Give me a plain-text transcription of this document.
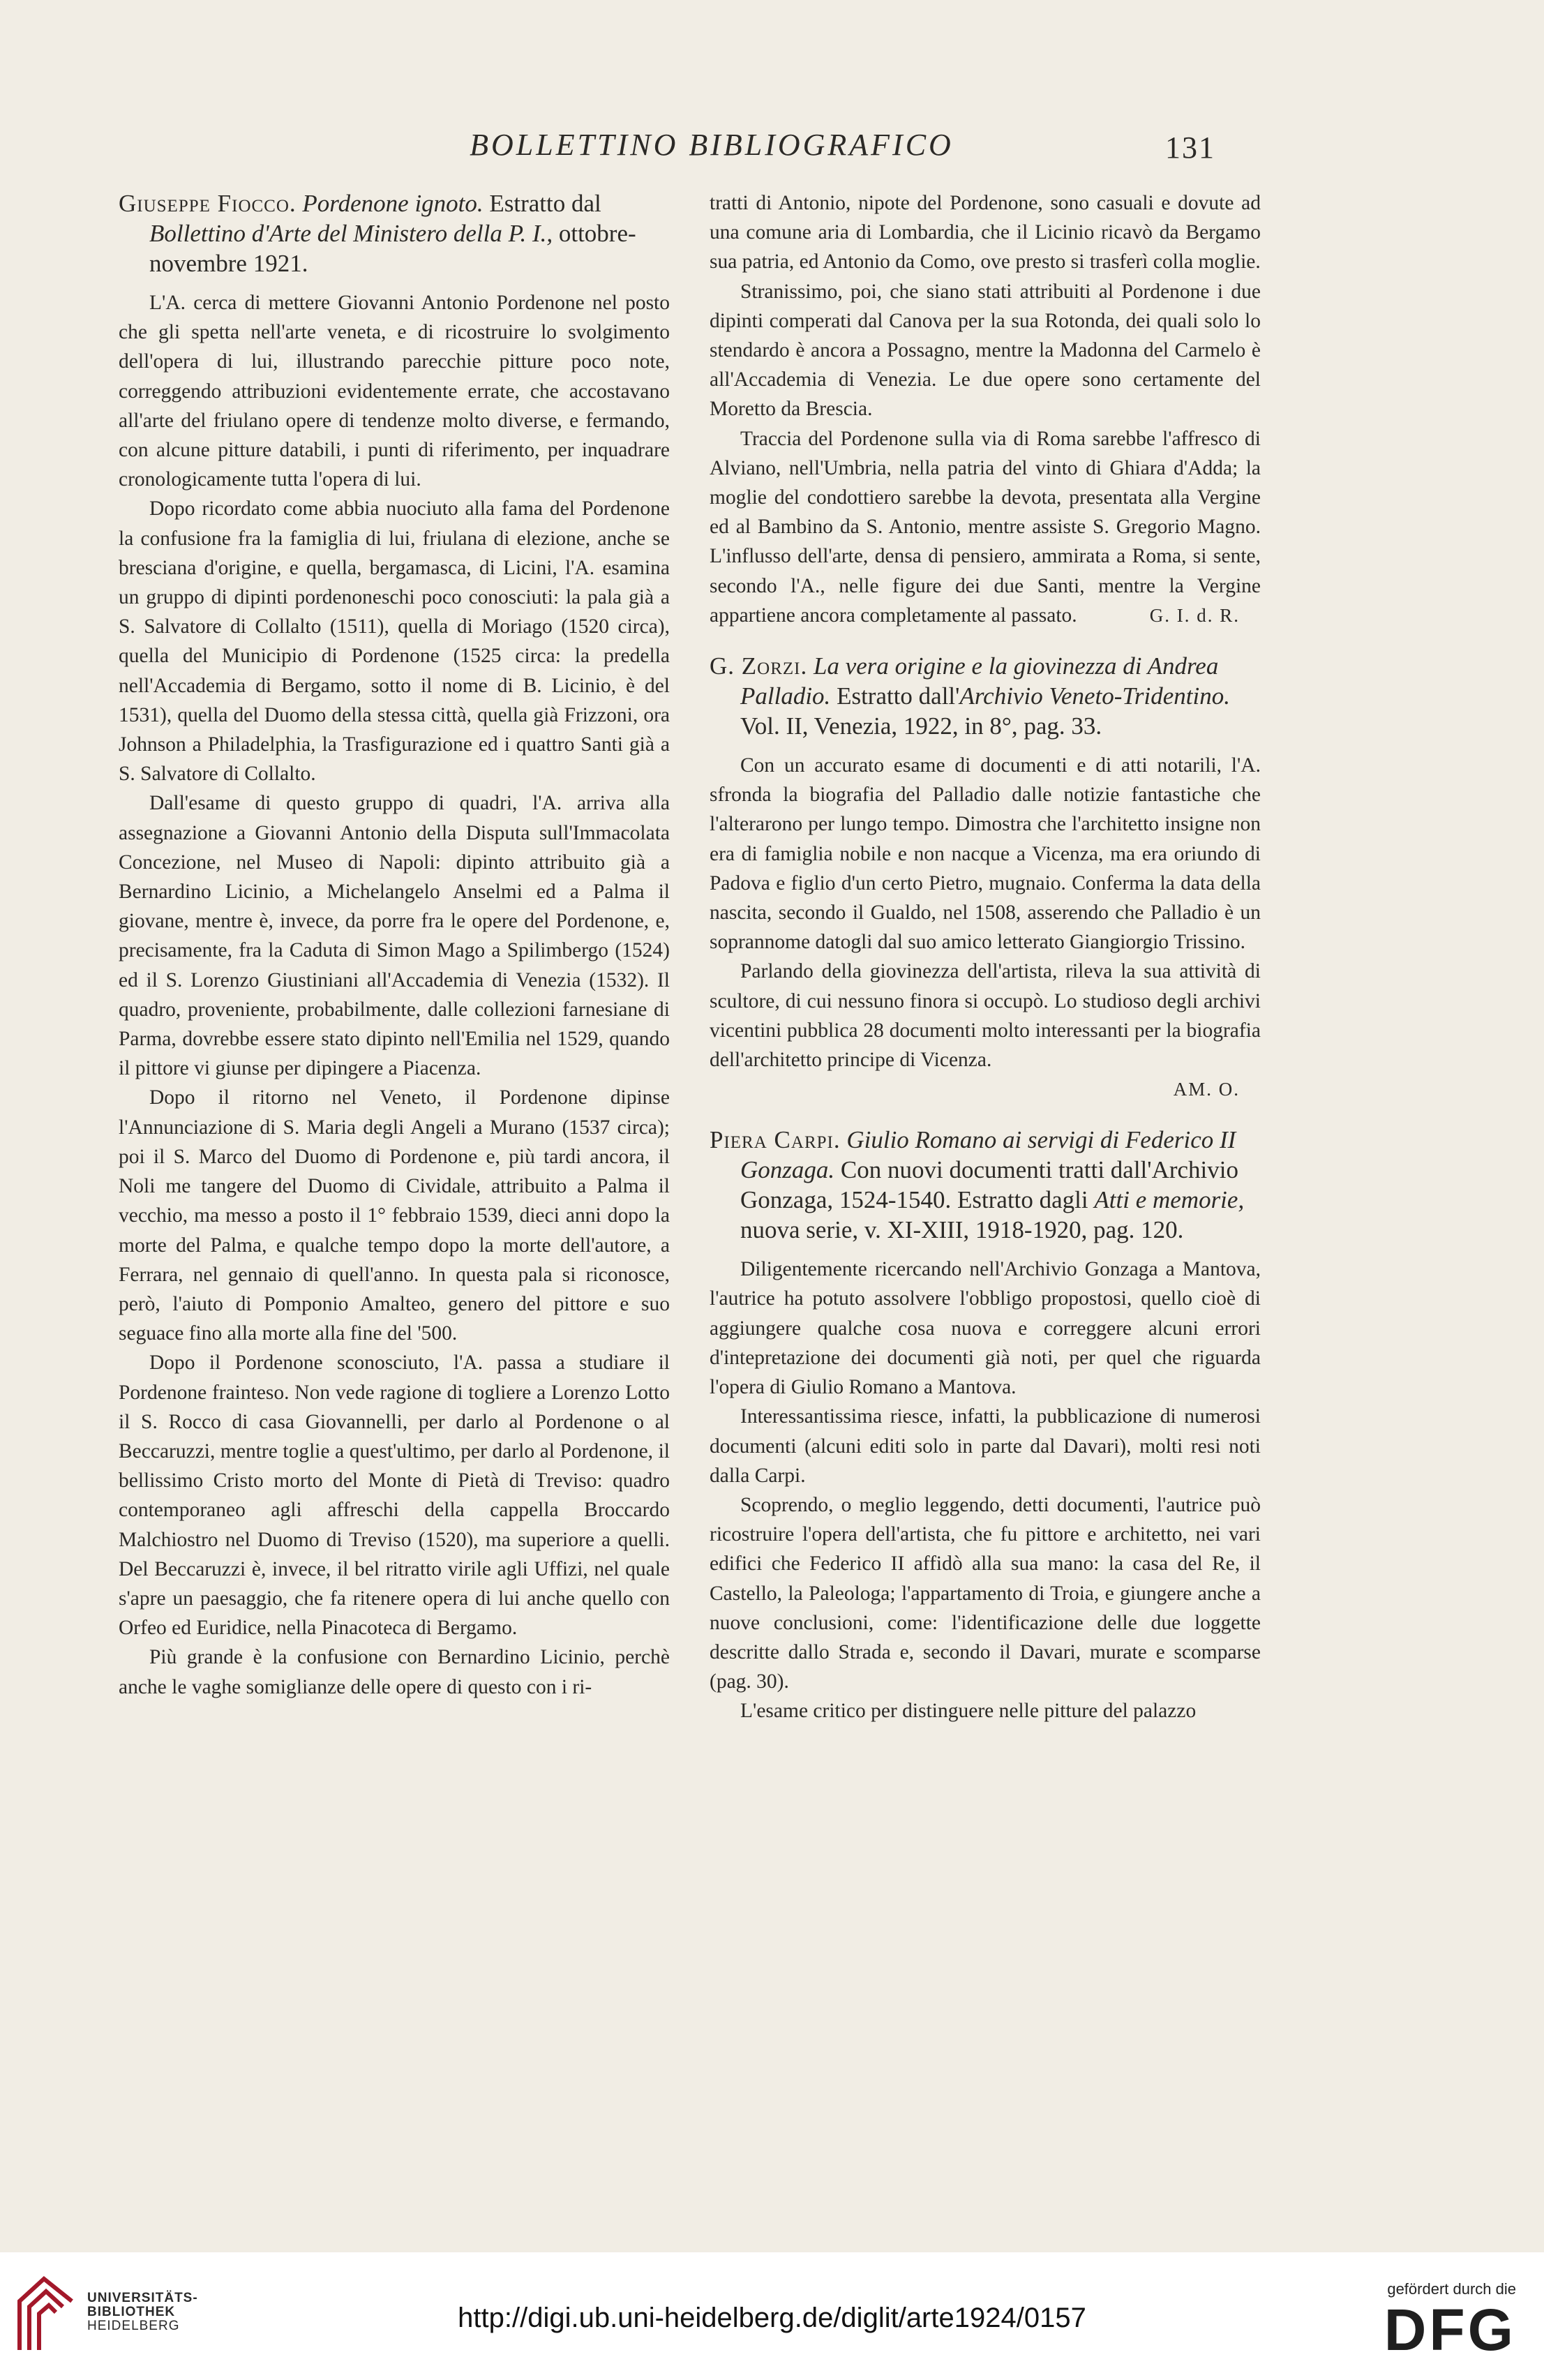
BOLLETTINO BIBLIOGRAFICO	131
Giuseppe Fiocco. Pordenone ignoto. Estratto dal Bollettino d'Arte del Ministero della P. I., ottobre-novembre 1921.

L'A. cerca di mettere Giovanni Antonio Pordenone nel posto che gli spetta nell'arte veneta, e di ricostruire lo svolgimento dell'opera di lui, illustrando parecchie pitture poco note, correggendo attribuzioni evidentemente errate, che accostavano all'arte del friulano opere di tendenze molto diverse, e fermando, con alcune pitture databili, i punti di riferimento, per inquadrare cronologicamente tutta l'opera di lui.

Dopo ricordato come abbia nuociuto alla fama del Pordenone la confusione fra la famiglia di lui, friulana di elezione, anche se bresciana d'origine, e quella, bergamasca, di Licini, l'A. esamina un gruppo di dipinti pordenoneschi poco conosciuti: la pala già a S. Salvatore di Collalto (1511), quella di Moriago (1520 circa), quella del Municipio di Pordenone (1525 circa: la predella nell'Accademia di Bergamo, sotto il nome di B. Licinio, è del 1531), quella del Duomo della stessa città, quella già Frizzoni, ora Johnson a Philadelphia, la Trasfigurazione ed i quattro Santi già a S. Salvatore di Collalto.

Dall'esame di questo gruppo di quadri, l'A. arriva alla assegnazione a Giovanni Antonio della Disputa sull'Immacolata Concezione, nel Museo di Napoli: dipinto attribuito già a Bernardino Licinio, a Michelangelo Anselmi ed a Palma il giovane, mentre è, invece, da porre fra le opere del Pordenone, e, precisamente, fra la Caduta di Simon Mago a Spilimbergo (1524) ed il S. Lorenzo Giustiniani all'Accademia di Venezia (1532). Il quadro, proveniente, probabilmente, dalle collezioni farnesiane di Parma, dovrebbe essere stato dipinto nell'Emilia nel 1529, quando il pittore vi giunse per dipingere a Piacenza.

Dopo il ritorno nel Veneto, il Pordenone dipinse l'Annunciazione di S. Maria degli Angeli a Murano (1537 circa); poi il S. Marco del Duomo di Pordenone e, più tardi ancora, il Noli me tangere del Duomo di Cividale, attribuito a Palma il vecchio, ma messo a posto il 1° febbraio 1539, dieci anni dopo la morte del Palma, e qualche tempo dopo la morte dell'autore, a Ferrara, nel gennaio di quell'anno. In questa pala si riconosce, però, l'aiuto di Pomponio Amalteo, genero del pittore e suo seguace fino alla morte alla fine del '500.

Dopo il Pordenone sconosciuto, l'A. passa a studiare il Pordenone frainteso. Non vede ragione di togliere a Lorenzo Lotto il S. Rocco di casa Giovannelli, per darlo al Pordenone o al Beccaruzzi, mentre toglie a quest'ultimo, per darlo al Pordenone, il bellissimo Cristo morto del Monte di Pietà di Treviso: quadro contemporaneo agli affreschi della cappella Broccardo Malchiostro nel Duomo di Treviso (1520), ma superiore a quelli. Del Beccaruzzi è, invece, il bel ritratto virile agli Uffizi, nel quale s'apre un paesaggio, che fa ritenere opera di lui anche quello con Orfeo ed Euridice, nella Pinacoteca di Bergamo.

Più grande è la confusione con Bernardino Licinio, perchè anche le vaghe somiglianze delle opere di questo con i ri-

tratti di Antonio, nipote del Pordenone, sono casuali e dovute ad una comune aria di Lombardia, che il Licinio ricavò da Bergamo sua patria, ed Antonio da Como, ove presto si trasferì colla moglie.

Stranissimo, poi, che siano stati attribuiti al Pordenone i due dipinti comperati dal Canova per la sua Rotonda, dei quali solo lo stendardo è ancora a Possagno, mentre la Madonna del Carmelo è all'Accademia di Venezia. Le due opere sono certamente del Moretto da Brescia.

Traccia del Pordenone sulla via di Roma sarebbe l'affresco di Alviano, nell'Umbria, nella patria del vinto di Ghiara d'Adda; la moglie del condottiero sarebbe la devota, presentata alla Vergine ed al Bambino da S. Antonio, mentre assiste S. Gregorio Magno. L'influsso dell'arte, densa di pensiero, ammirata a Roma, si sente, secondo l'A., nelle figure dei due Santi, mentre la Vergine appartiene ancora completamente al passato.	G. I. d. R.
G. Zorzi. La vera origine e la giovinezza di Andrea Palladio. Estratto dall'Archivio Veneto-Tridentino. Vol. II, Venezia, 1922, in 8°, pag. 33.

Con un accurato esame di documenti e di atti notarili, l'A. sfronda la biografia del Palladio dalle notizie fantastiche che l'alterarono per lungo tempo. Dimostra che l'architetto insigne non era di famiglia nobile e non nacque a Vicenza, ma era oriundo di Padova e figlio d'un certo Pietro, mugnaio. Conferma la data della nascita, secondo il Gualdo, nel 1508, asserendo che Palladio è un soprannome datogli dal suo amico letterato Giangiorgio Trissino.

Parlando della giovinezza dell'artista, rileva la sua attività di scultore, di cui nessuno finora si occupò. Lo studioso degli archivi vicentini pubblica 28 documenti molto interessanti per la biografia dell'architetto principe di Vicenza.

AM. O.
Piera Carpi. Giulio Romano ai servigi di Federico II Gonzaga. Con nuovi documenti tratti dall'Archivio Gonzaga, 1524-1540. Estratto dagli Atti e memorie, nuova serie, v. XI-XIII, 1918-1920, pag. 120.

Diligentemente ricercando nell'Archivio Gonzaga a Mantova, l'autrice ha potuto assolvere l'obbligo propostosi, quello cioè di aggiungere qualche cosa nuova e correggere alcuni errori d'intepretazione dei documenti già noti, per quel che riguarda l'opera di Giulio Romano a Mantova.

Interessantissima riesce, infatti, la pubblicazione di numerosi documenti (alcuni editi solo in parte dal Davari), molti resi noti dalla Carpi.

Scoprendo, o meglio leggendo, detti documenti, l'autrice può ricostruire l'opera dell'artista, che fu pittore e architetto, nei vari edifici che Federico II affidò alla sua mano: la casa del Re, il Castello, la Paleologa; l'appartamento di Troia, e giungere anche a nuove conclusioni, come: l'identificazione delle due loggette descritte dallo Strada e, secondo il Davari, murate e scomparse (pag. 30).

L'esame critico per distinguere nelle pitture del palazzo

UNIVERSITÄTS-
BIBLIOTHEK
HEIDELBERG	http://digi.ub.uni-heidelberg.de/diglit/arte1924/0157
gefördert durch die
DFG
